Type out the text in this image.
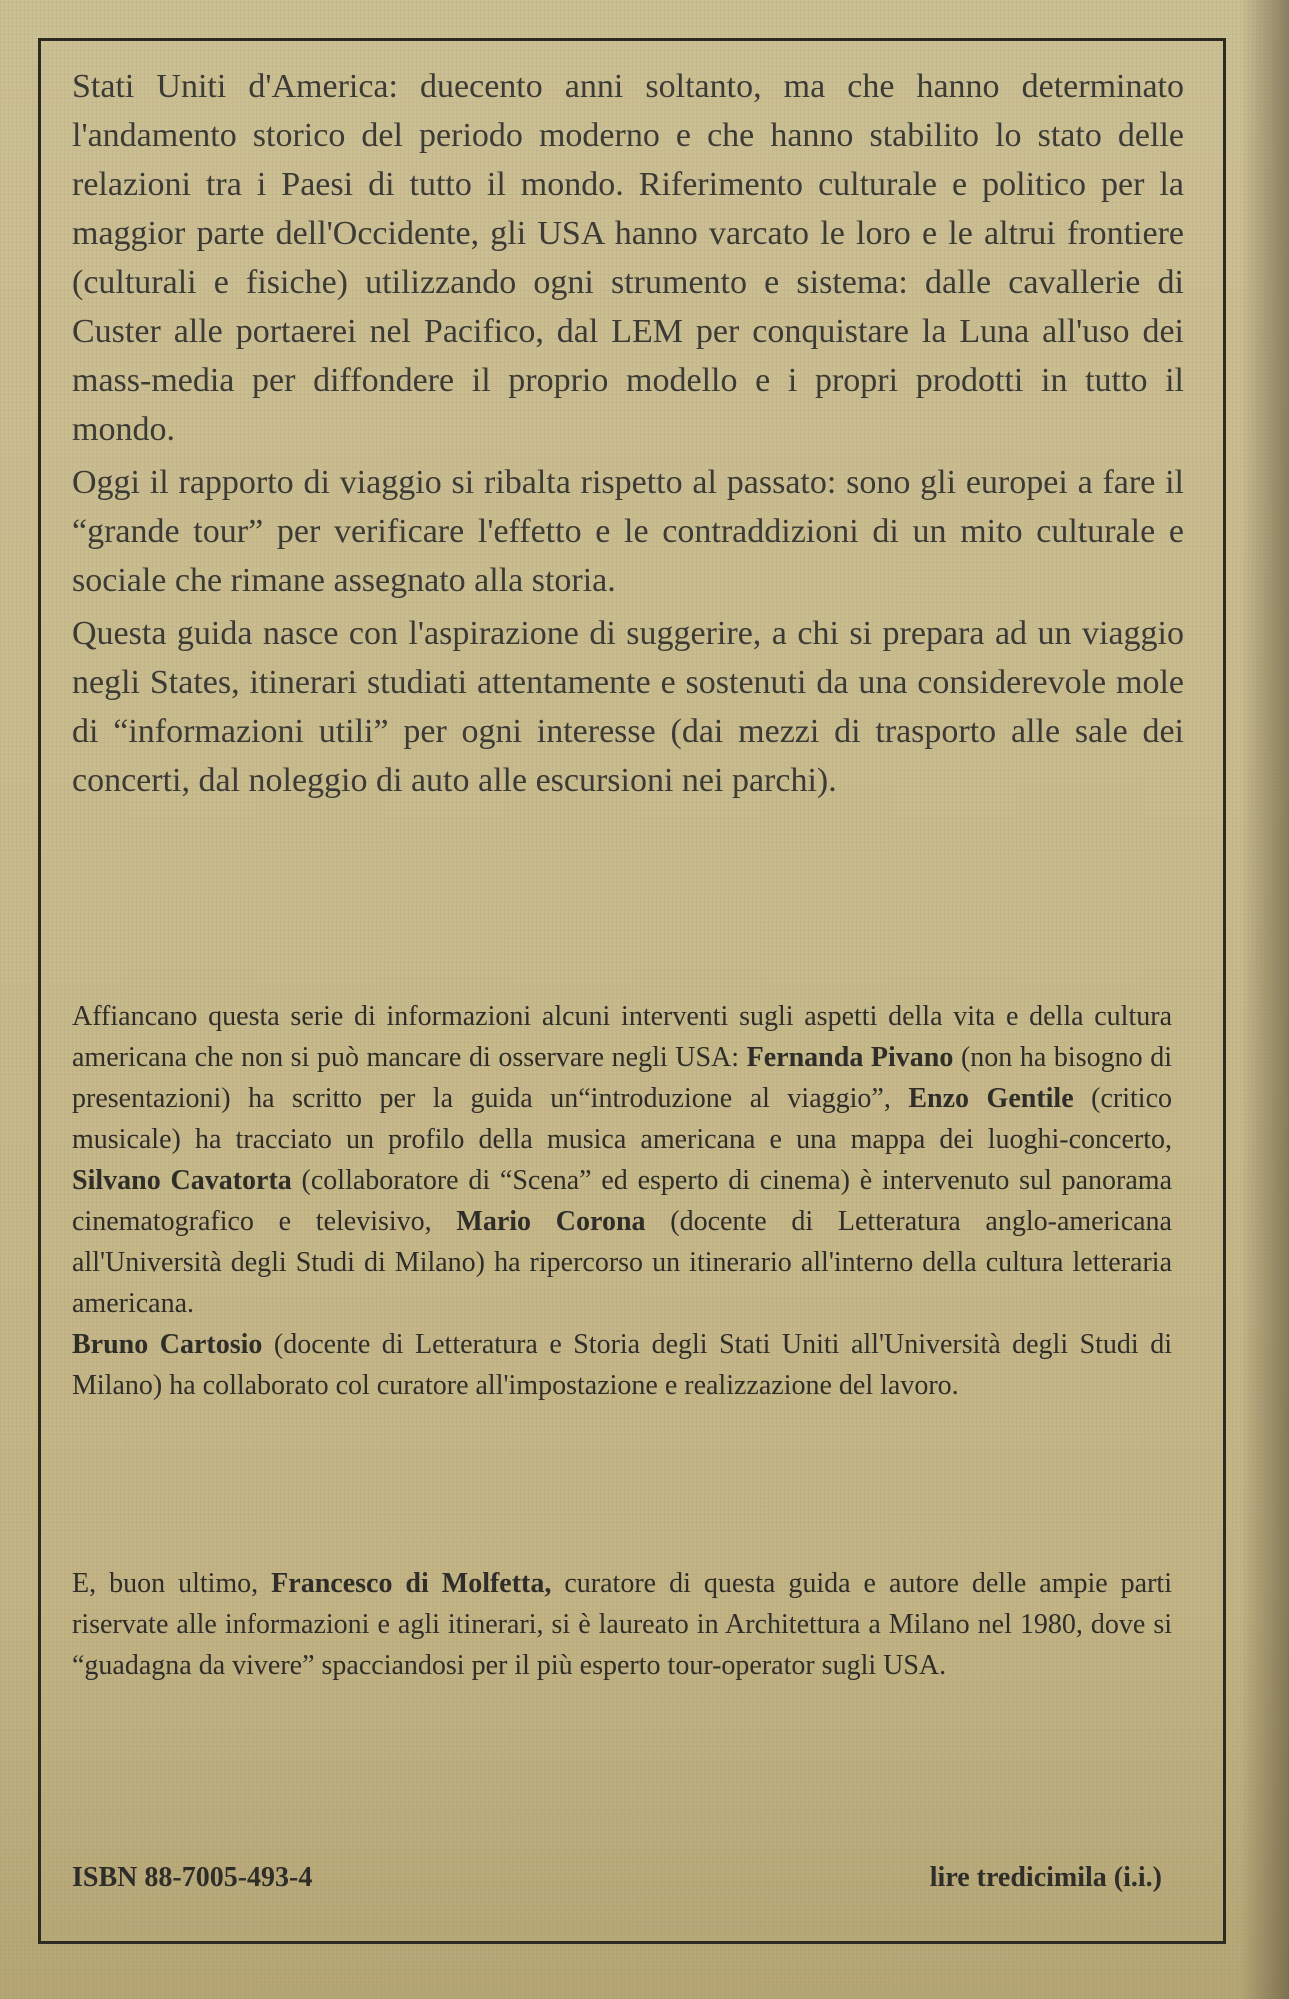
Stati Uniti d'America: duecento anni soltanto, ma che hanno determinato l'andamento storico del periodo moderno e che hanno stabilito lo stato delle relazioni tra i Paesi di tutto il mondo. Riferimento culturale e politico per la maggior parte dell'Occidente, gli USA hanno varcato le loro e le altrui frontiere (culturali e fisiche) utilizzando ogni strumento e sistema: dalle cavallerie di Custer alle portaerei nel Pacifico, dal LEM per conquistare la Luna all'uso dei mass-media per diffondere il proprio modello e i propri prodotti in tutto il mondo.

Oggi il rapporto di viaggio si ribalta rispetto al passato: sono gli europei a fare il “grande tour” per verificare l'effetto e le contraddizioni di un mito culturale e sociale che rimane assegnato alla storia.

Questa guida nasce con l'aspirazione di suggerire, a chi si prepara ad un viaggio negli States, itinerari studiati attentamente e sostenuti da una considerevole mole di “informazioni utili” per ogni interesse (dai mezzi di trasporto alle sale dei concerti, dal noleggio di auto alle escursioni nei parchi).

Affiancano questa serie di informazioni alcuni interventi sugli aspetti della vita e della cultura americana che non si può mancare di osservare negli USA: Fernanda Pivano (non ha bisogno di presentazioni) ha scritto per la guida un“introduzione al viaggio”, Enzo Gentile (critico musicale) ha tracciato un profilo della musica americana e una mappa dei luoghi-concerto, Silvano Cavatorta (collaboratore di “Scena” ed esperto di cinema) è intervenuto sul panorama cinematografico e televisivo, Mario Corona (docente di Letteratura anglo-americana all'Università degli Studi di Milano) ha ripercorso un itinerario all'interno della cultura letteraria americana.

Bruno Cartosio (docente di Letteratura e Storia degli Stati Uniti all'Università degli Studi di Milano) ha collaborato col curatore all'impostazione e realizzazione del lavoro.

E, buon ultimo, Francesco di Molfetta, curatore di questa guida e autore delle ampie parti riservate alle informazioni e agli itinerari, si è laureato in Architettura a Milano nel 1980, dove si “guadagna da vivere” spacciandosi per il più esperto tour-operator sugli USA.

ISBN 88-7005-493-4	lire tredicimila (i.i.)
